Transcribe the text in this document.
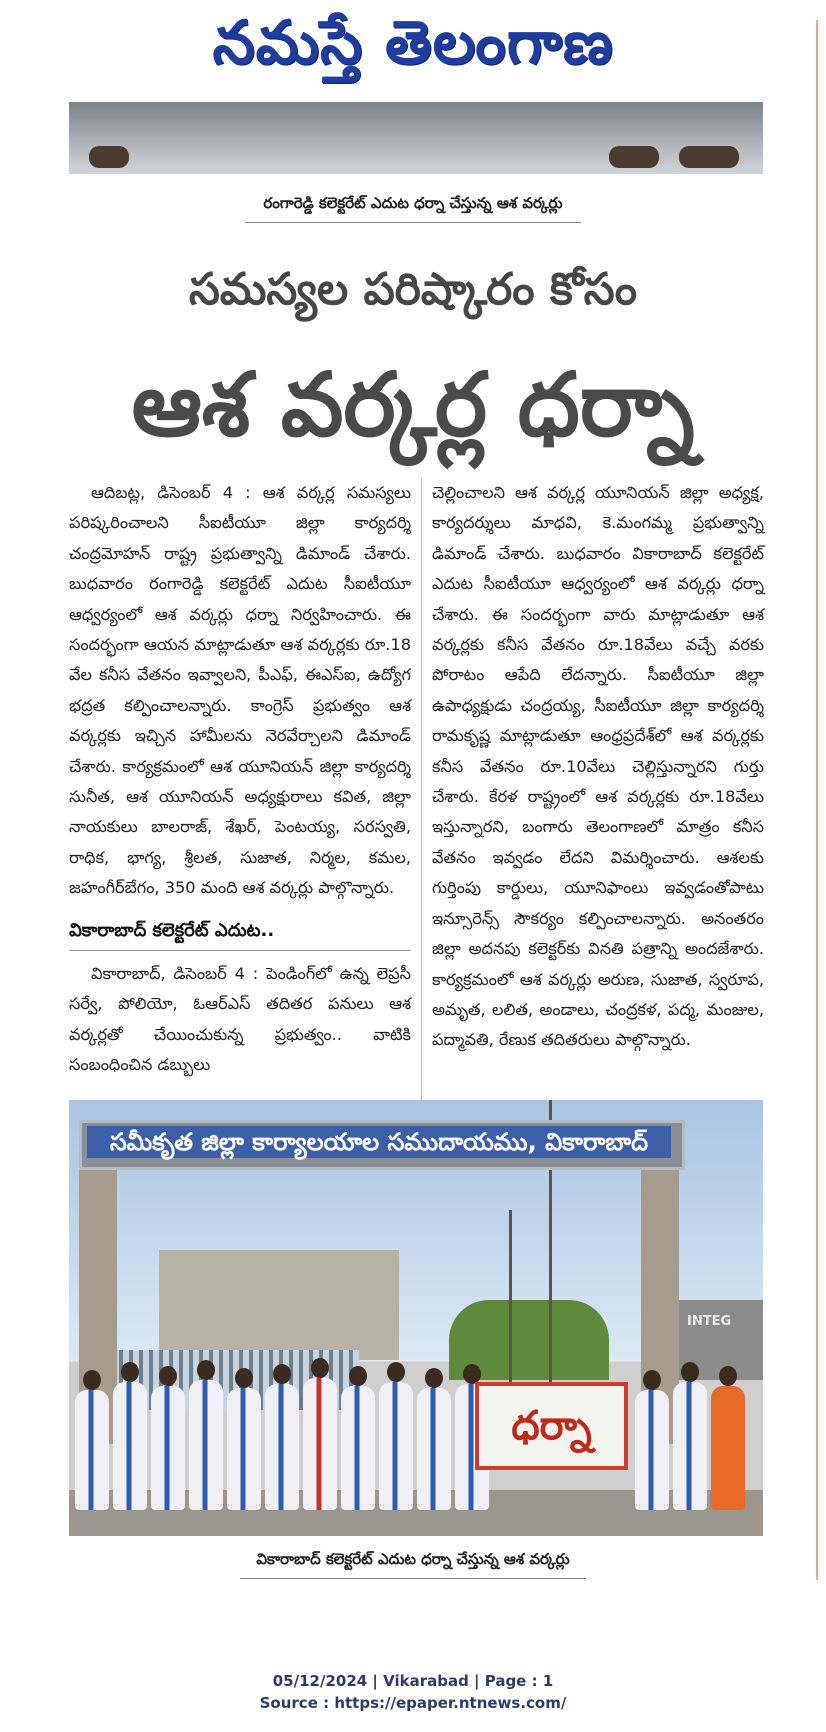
నమస్తే తెలంగాణ
రంగారెడ్డి కలెక్టరేట్ ఎదుట ధర్నా చేస్తున్న ఆశ వర్కర్లు
సమస్యల పరిష్కారం కోసం
ఆశ వర్కర్ల ధర్నా

ఆదిబట్ల, డిసెంబర్ 4 : ఆశ వర్కర్ల సమస్యలు పరిష్కరించాలని సీఐటీయూ జిల్లా కార్యదర్శి చంద్రమోహన్ రాష్ట్ర ప్రభుత్వాన్ని డిమాండ్ చేశారు. బుధవారం రంగారెడ్డి కలెక్టరేట్ ఎదుట సీఐటీయూ ఆధ్వర్యంలో ఆశ వర్కర్లు ధర్నా నిర్వహించారు. ఈ సందర్భంగా ఆయన మాట్లాడుతూ ఆశ వర్కర్లకు రూ.18 వేల కనీస వేతనం ఇవ్వాలని, పీఎఫ్, ఈఎస్ఐ, ఉద్యోగ భద్రత కల్పించాలన్నారు. కాంగ్రెస్ ప్రభుత్వం ఆశ వర్కర్లకు ఇచ్చిన హామీలను నెరవేర్చాలని డిమాండ్ చేశారు. కార్యక్రమంలో ఆశ యూనియన్ జిల్లా కార్యదర్శి సునీత, ఆశ యూనియన్ అధ్యక్షురాలు కవిత, జిల్లా నాయకులు బాలరాజ్, శేఖర్, పెంటయ్య, సరస్వతి, రాధిక, భాగ్య, శ్రీలత, సుజాత, నిర్మల, కమల, జహంగీర్‌బేగం, 350 మంది ఆశ వర్కర్లు పాల్గొన్నారు.

వికారాబాద్ కలెక్టరేట్ ఎదుట..

వికారాబాద్, డిసెంబర్ 4 : పెండింగ్‌లో ఉన్న లెప్రసీ సర్వే, పోలియో, ఓఆర్ఎస్ తదితర పనులు ఆశ వర్కర్లతో చేయించుకున్న ప్రభుత్వం.. వాటికి సంబంధించిన డబ్బులు

చెల్లించాలని ఆశ వర్కర్ల యూనియన్ జిల్లా అధ్యక్ష, కార్యదర్శులు మాధవి, కె.మంగమ్మ ప్రభుత్వాన్ని డిమాండ్ చేశారు. బుధవారం వికారాబాద్ కలెక్టరేట్ ఎదుట సీఐటీయూ ఆధ్వర్యంలో ఆశ వర్కర్లు ధర్నా చేశారు. ఈ సందర్భంగా వారు మాట్లాడుతూ ఆశ వర్కర్లకు కనీస వేతనం రూ.18వేలు వచ్చే వరకు పోరాటం ఆపేది లేదన్నారు. సీఐటీయూ జిల్లా ఉపాధ్యక్షుడు చంద్రయ్య, సీఐటీయూ జిల్లా కార్యదర్శి రామకృష్ణ మాట్లాడుతూ ఆంధ్రప్రదేశ్‌లో ఆశ వర్కర్లకు కనీస వేతనం రూ.10వేలు చెల్లిస్తున్నారని గుర్తు చేశారు. కేరళ రాష్ట్రంలో ఆశ వర్కర్లకు రూ.18వేలు ఇస్తున్నారని, బంగారు తెలంగాణలో మాత్రం కనీస వేతనం ఇవ్వడం లేదని విమర్శించారు. ఆశలకు గుర్తింపు కార్డులు, యూనిఫాంలు ఇవ్వడంతోపాటు ఇన్సూరెన్స్ సౌకర్యం కల్పించాలన్నారు. అనంతరం జిల్లా అదనపు కలెక్టర్‌కు వినతి పత్రాన్ని అందజేశారు. కార్యక్రమంలో ఆశ వర్కర్లు అరుణ, సుజాత, స్వరూప, అమృత, లలిత, అండాలు, చంద్రకళ, పద్మ, మంజుల, పద్మావతి, రేణుక తదితరులు పాల్గొన్నారు.

INTEG
సమీకృత జిల్లా కార్యాలయాల సముదాయము, వికారాబాద్
ధర్నా
వికారాబాద్ కలెక్టరేట్ ఎదుట ధర్నా చేస్తున్న ఆశ వర్కర్లు
05/12/2024 | Vikarabad | Page : 1
Source : https://epaper.ntnews.com/
